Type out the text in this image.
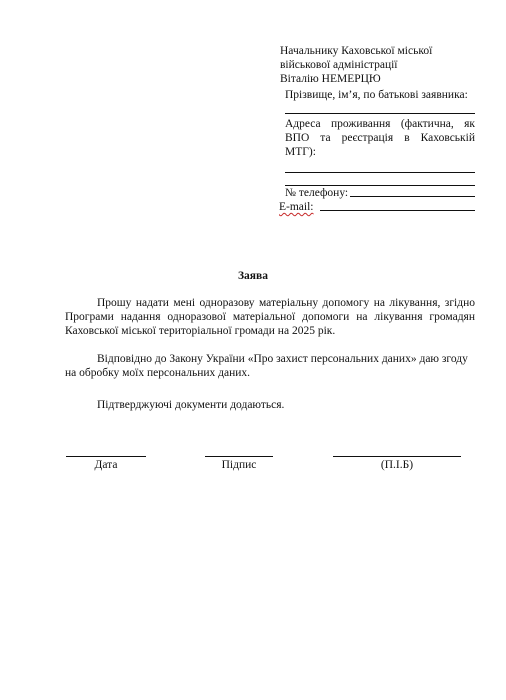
Начальнику Каховської міської
військової адміністрації
Віталію НЕМЕРЦЮ
Прізвище, ім’я, по батькові заявника:
Адреса проживання (фактична, як ВПО та реєстрація в Каховській МТГ):
№ телефону:
E-mail:
Заява

Прошу надати мені одноразову матеріальну допомогу на лікування, згідно Програми надання одноразової матеріальної допомоги на лікування громадян Каховської міської територіальної громади на 2025 рік.

Відповідно до Закону України «Про захист персональних даних» даю згоду на обробку моїх персональних даних.

Підтверджуючі документи додаються.

Дата	Підпис	(П.І.Б)
